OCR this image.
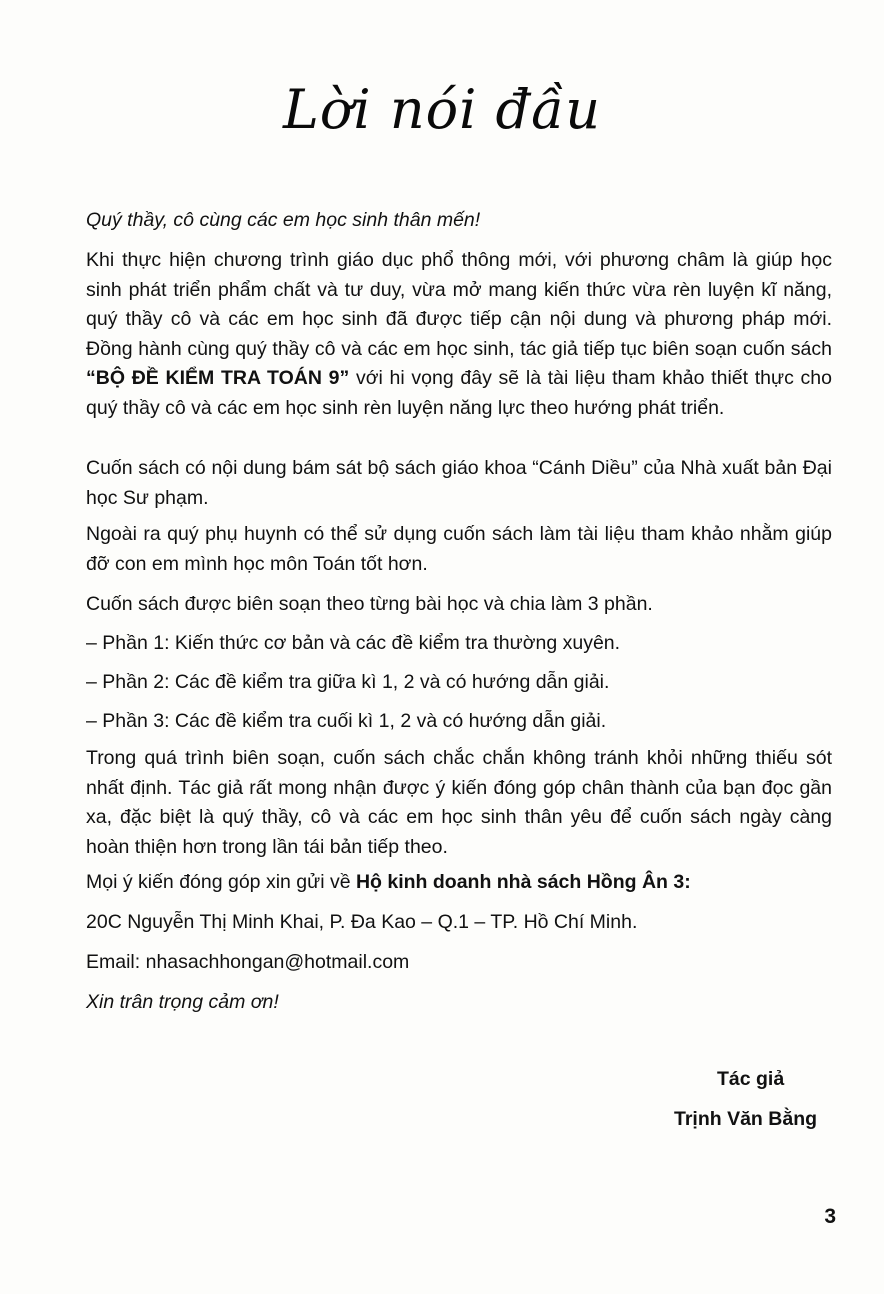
Lời nói đầu

Quý thầy, cô cùng các em học sinh thân mến!

Khi thực hiện chương trình giáo dục phổ thông mới, với phương châm là giúp học sinh phát triển phẩm chất và tư duy, vừa mở mang kiến thức vừa rèn luyện kĩ năng, quý thầy cô và các em học sinh đã được tiếp cận nội dung và phương pháp mới. Đồng hành cùng quý thầy cô và các em học sinh, tác giả tiếp tục biên soạn cuốn sách “BỘ ĐỀ KIỂM TRA TOÁN 9” với hi vọng đây sẽ là tài liệu tham khảo thiết thực cho quý thầy cô và các em học sinh rèn luyện năng lực theo hướng phát triển.

Cuốn sách có nội dung bám sát bộ sách giáo khoa “Cánh Diều” của Nhà xuất bản Đại học Sư phạm.

Ngoài ra quý phụ huynh có thể sử dụng cuốn sách làm tài liệu tham khảo nhằm giúp đỡ con em mình học môn Toán tốt hơn.

Cuốn sách được biên soạn theo từng bài học và chia làm 3 phần.

– Phần 1: Kiến thức cơ bản và các đề kiểm tra thường xuyên.

– Phần 2: Các đề kiểm tra giữa kì 1, 2 và có hướng dẫn giải.

– Phần 3: Các đề kiểm tra cuối kì 1, 2 và có hướng dẫn giải.

Trong quá trình biên soạn, cuốn sách chắc chắn không tránh khỏi những thiếu sót nhất định. Tác giả rất mong nhận được ý kiến đóng góp chân thành của bạn đọc gần xa, đặc biệt là quý thầy, cô và các em học sinh thân yêu để cuốn sách ngày càng hoàn thiện hơn trong lần tái bản tiếp theo.

Mọi ý kiến đóng góp xin gửi về Hộ kinh doanh nhà sách Hồng Ân 3:

20C Nguyễn Thị Minh Khai, P. Đa Kao – Q.1 – TP. Hồ Chí Minh.

Email: nhasachhongan@hotmail.com

Xin trân trọng cảm ơn!

Tác giả
Trịnh Văn Bằng
3
